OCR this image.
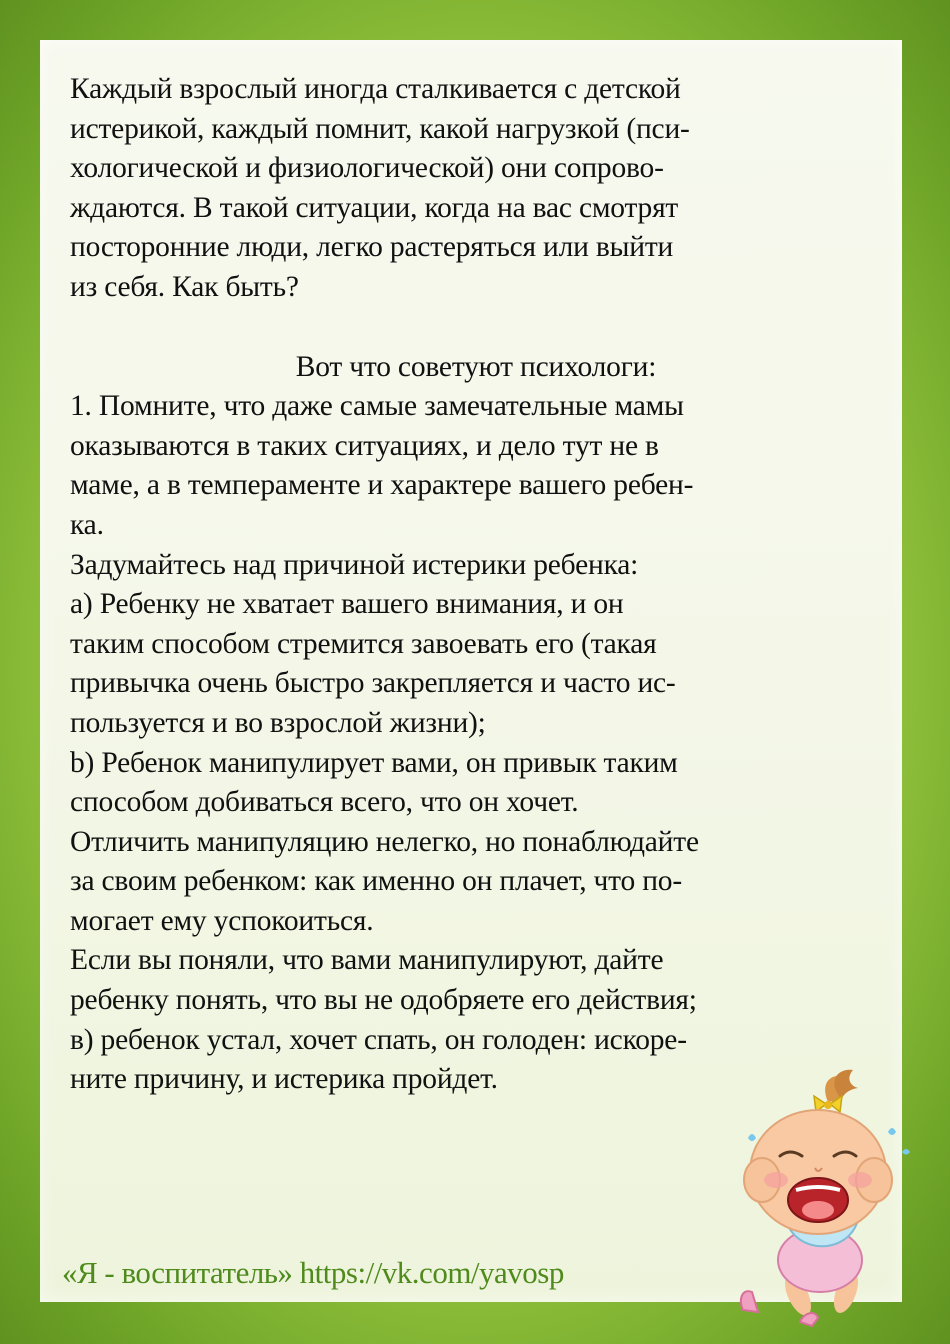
Каждый взрослый иногда сталкивается с детской

истерикой, каждый помнит, какой нагрузкой (пси-

хологической и физиологической) они сопрово-

ждаются. В такой ситуации, когда на вас смотрят

посторонние люди, легко растеряться или выйти

из себя. Как быть?

Вот что советуют психологи:

1. Помните, что даже самые замечательные мамы

оказываются в таких ситуациях, и дело тут не в

маме, а в темпераменте и характере вашего ребен-

ка.

Задумайтесь над причиной истерики ребенка:

а) Ребенку не хватает вашего внимания, и он

таким способом стремится завоевать его (такая

привычка очень быстро закрепляется и часто ис-

пользуется и во взрослой жизни);

b) Ребенок манипулирует вами, он привык таким

способом добиваться всего, что он хочет.

Отличить манипуляцию нелегко, но понаблюдайте

за своим ребенком: как именно он плачет, что по-

могает ему успокоиться.

Если вы поняли, что вами манипулируют, дайте

ребенку понять, что вы не одобряете его действия;

в) ребенок устал, хочет спать, он голоден: искоре-

ните причину, и истерика пройдет.

«Я - воспитатель» https://vk.com/yavosp
